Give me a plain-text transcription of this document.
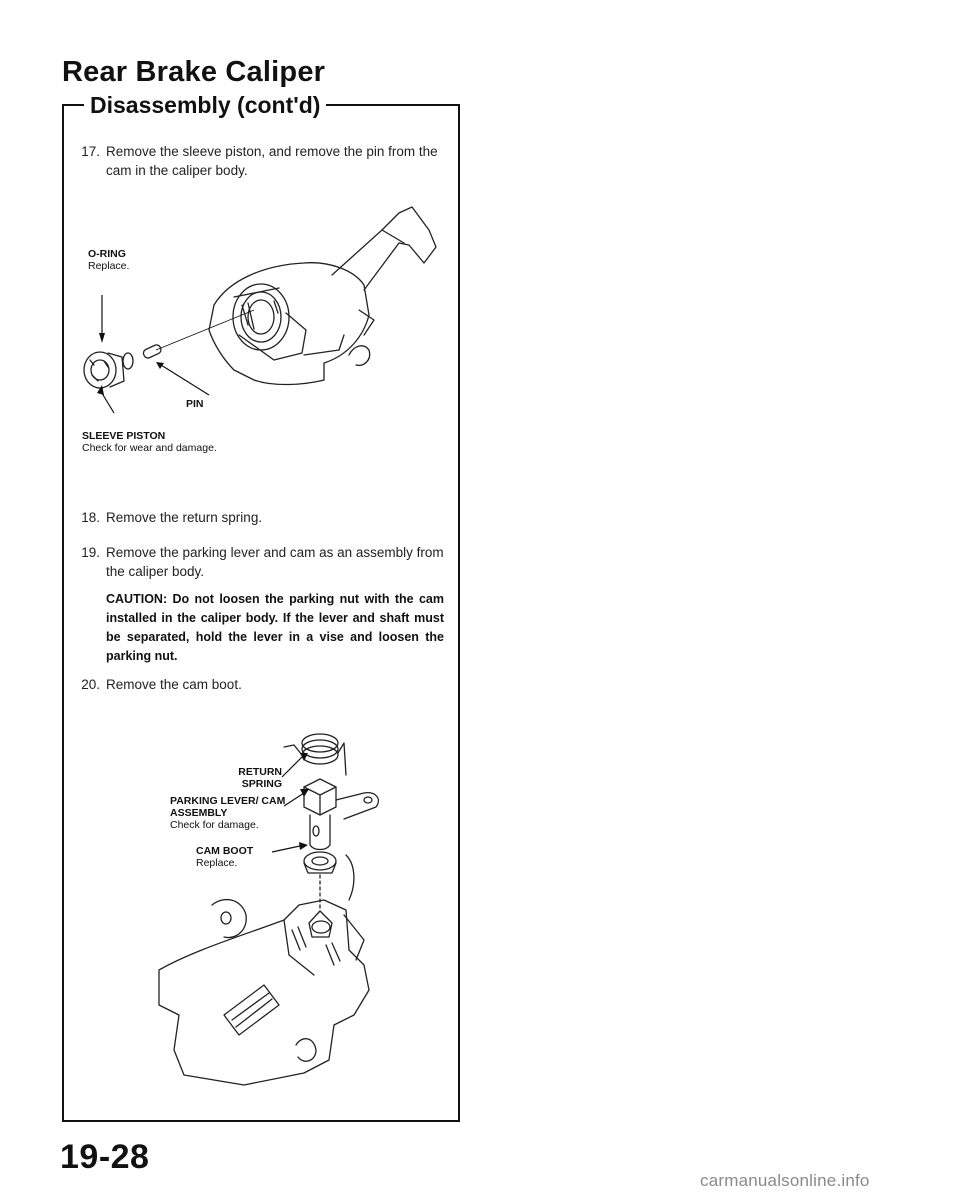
Rear Brake Caliper
Disassembly (cont'd)
17. Remove the sleeve piston, and remove the pin from the cam in the caliper body.
O-RING
Replace.
PIN
SLEEVE PISTON
Check for wear and damage.
18. Remove the return spring.
19. Remove the parking lever and cam as an assembly from the caliper body.
CAUTION: Do not loosen the parking nut with the cam installed in the caliper body. If the lever and shaft must be separated, hold the lever in a vise and loosen the parking nut.
20. Remove the cam boot.
RETURN SPRING
PARKING LEVER/ CAM ASSEMBLY
Check for damage.
CAM BOOT
Replace.
19-28
carmanualsonline.info
